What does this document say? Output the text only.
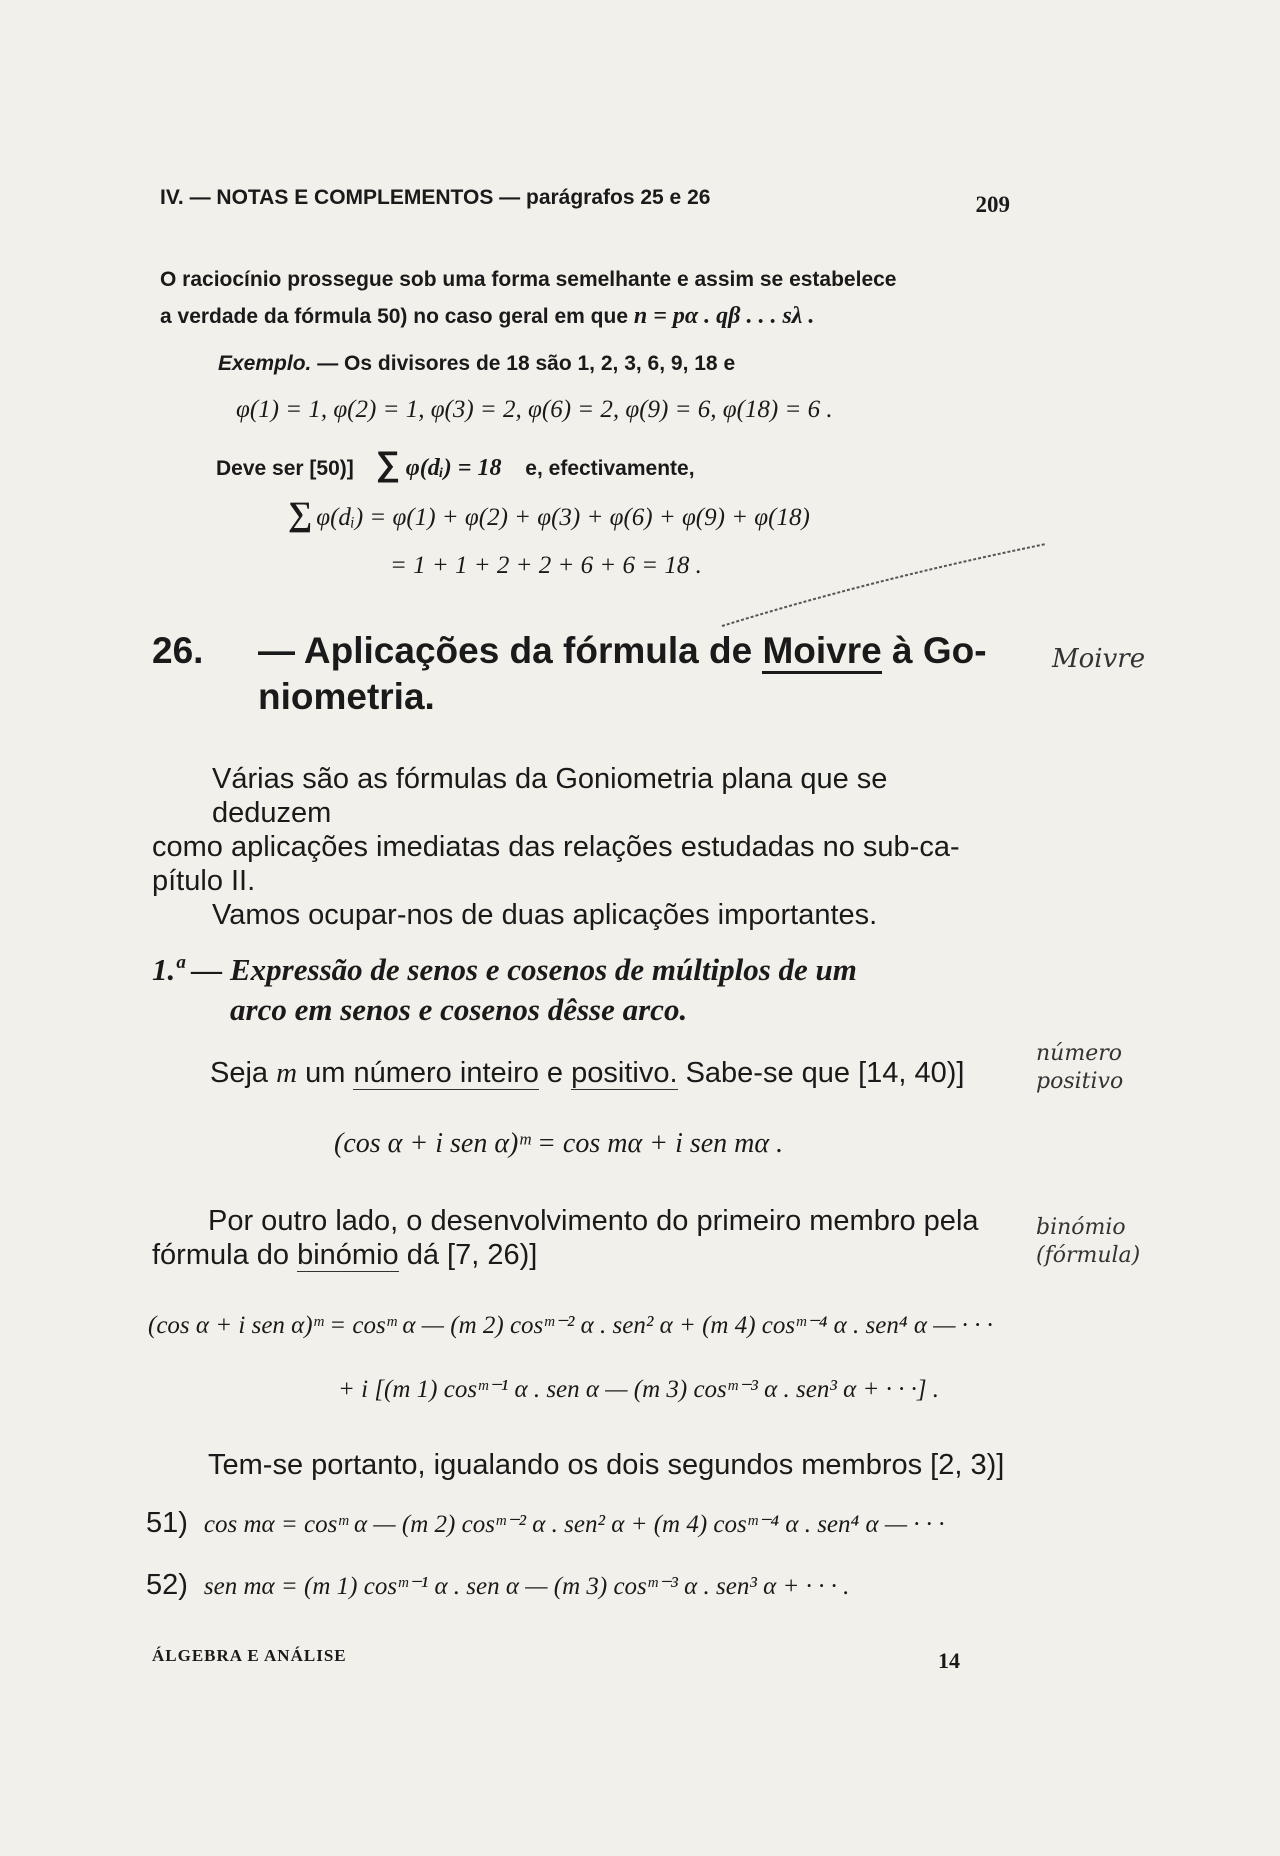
IV. — NOTAS E COMPLEMENTOS — parágrafos 25 e 26	209
O raciocínio prossegue sob uma forma semelhante e assim se estabelece
a verdade da fórmula 50) no caso geral em que n = pα . qβ . . . sλ .
Exemplo. — Os divisores de 18 são 1, 2, 3, 6, 9, 18 e
φ(1) = 1, φ(2) = 1, φ(3) = 2, φ(6) = 2, φ(9) = 6, φ(18) = 6 .
Deve ser [50)] ∑ φ(dᵢ) = 18 e, efectivamente,
∑ φ(dᵢ) = φ(1) + φ(2) + φ(3) + φ(6) + φ(9) + φ(18)
= 1 + 1 + 2 + 2 + 6 + 6 = 18 .
26. — Aplicações da fórmula de Moivre à Go-
niometria.
Várias são as fórmulas da Goniometria plana que se deduzem
como aplicações imediatas das relações estudadas no sub-ca-
pítulo II.
Vamos ocupar-nos de duas aplicações importantes.
1.ª — Expressão de senos e cosenos de múltiplos de um
arco em senos e cosenos dêsse arco.
Seja m um número inteiro e positivo. Sabe-se que [14, 40)]
(cos α + i sen α)ᵐ = cos mα + i sen mα .
Por outro lado, o desenvolvimento do primeiro membro pela
fórmula do binómio dá [7, 26)]
(cos α + i sen α)ᵐ = cosᵐ α — (m 2) cosᵐ⁻² α . sen² α + (m 4) cosᵐ⁻⁴ α . sen⁴ α — · · ·
+ i [(m 1) cosᵐ⁻¹ α . sen α — (m 3) cosᵐ⁻³ α . sen³ α + · · ·] .
Tem-se portanto, igualando os dois segundos membros [2, 3)]
51) cos mα = cosᵐ α — (m 2) cosᵐ⁻² α . sen² α + (m 4) cosᵐ⁻⁴ α . sen⁴ α — · · ·
52) sen mα = (m 1) cosᵐ⁻¹ α . sen α — (m 3) cosᵐ⁻³ α . sen³ α + · · · .
ÁLGEBRA E ANÁLISE	14
Moivre
número positivo
binómio (fórmula)
